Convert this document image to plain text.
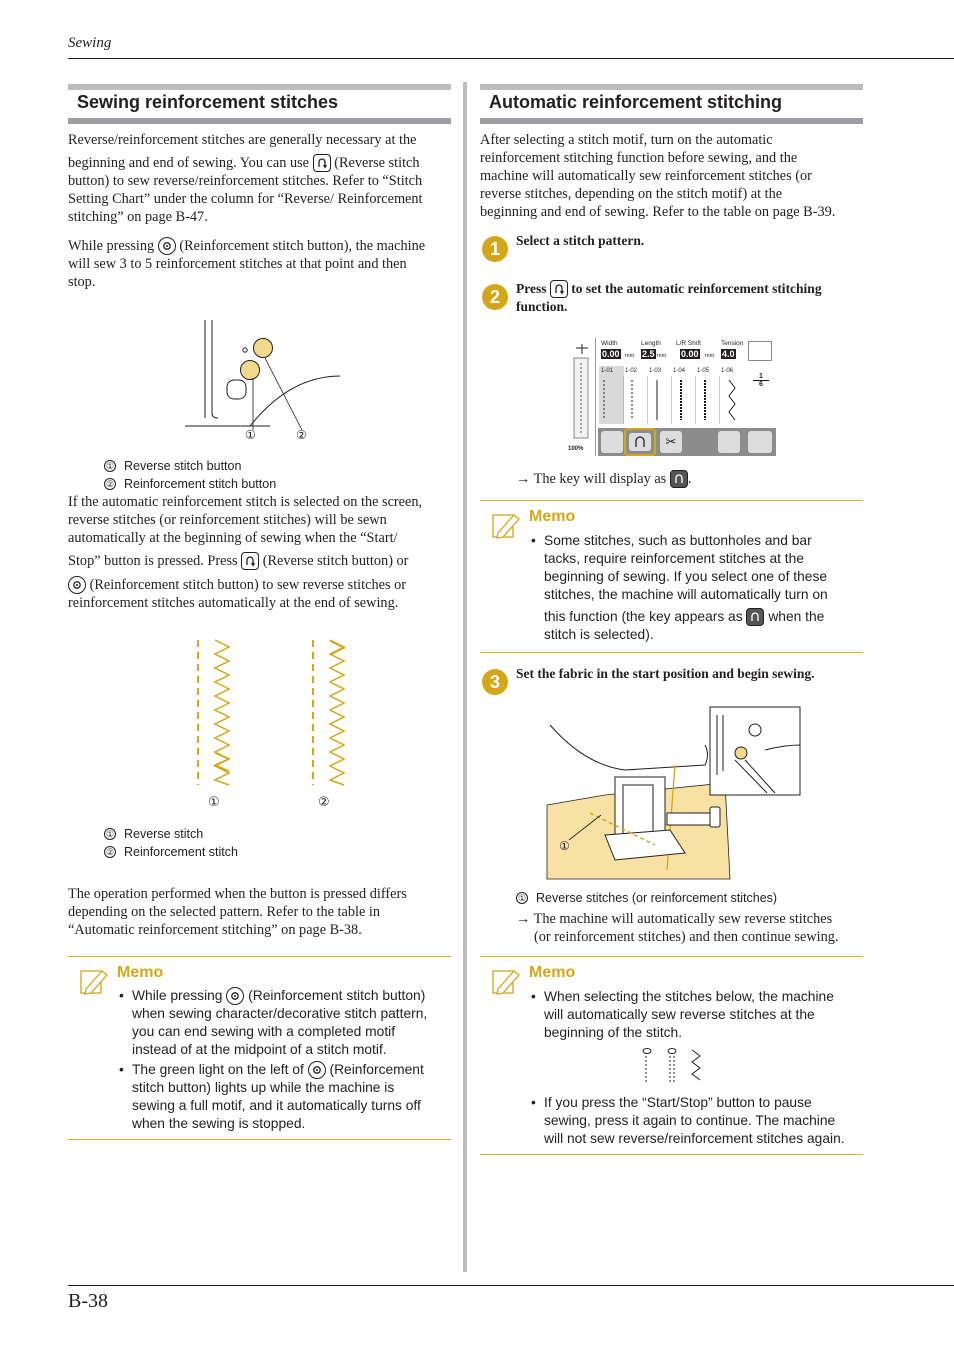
Sewing
Sewing reinforcement stitches
Reverse/reinforcement stitches are generally necessary at the
beginning and end of sewing. You can use (Reverse stitch
button) to sew reverse/reinforcement stitches. Refer to “Stitch
Setting Chart” under the column for “Reverse/ Reinforcement
stitching” on page B-47.
While pressing (Reinforcement stitch button), the machine
will sew 3 to 5 reinforcement stitches at that point and then
stop.
①	②
① Reverse stitch button
② Reinforcement stitch button
If the automatic reinforcement stitch is selected on the screen,
reverse stitches (or reinforcement stitches) will be sewn
automatically at the beginning of sewing when the “Start/
Stop” button is pressed. Press (Reverse stitch button) or
(Reinforcement stitch button) to sew reverse stitches or
reinforcement stitches automatically at the end of sewing.
①	②
① Reverse stitch
② Reinforcement stitch
The operation performed when the button is pressed differs
depending on the selected pattern. Refer to the table in
“Automatic reinforcement stitching” on page B-38.
Memo
• While pressing (Reinforcement stitch button)
when sewing character/decorative stitch pattern,
you can end sewing with a completed motif
instead of at the midpoint of a stitch motif.
• The green light on the left of (Reinforcement
stitch button) lights up while the machine is
sewing a full motif, and it automatically turns off
when the sewing is stopped.
Automatic reinforcement stitching
After selecting a stitch motif, turn on the automatic
reinforcement stitching function before sewing, and the
machine will automatically sew reinforcement stitches (or
reverse stitches, depending on the stitch motif) at the
beginning and end of sewing. Refer to the table on page B-39.
1	Select a stitch pattern.
2	Press to set the automatic reinforcement stitching
function.
100%
Width	Length L/R Shift	Tension
0.00 mm 2.5 mm 0.00 mm 4.0
1-01 1-02 1-03 1-04 1-05 1-06
1
6
✂
→ The key will display as .
Memo
• Some stitches, such as buttonholes and bar
tacks, require reinforcement stitches at the
beginning of sewing. If you select one of these
stitches, the machine will automatically turn on
this function (the key appears as when the
stitch is selected).
3	Set the fabric in the start position and begin sewing.
①
① Reverse stitches (or reinforcement stitches)
→ The machine will automatically sew reverse stitches
(or reinforcement stitches) and then continue sewing.
Memo
• When selecting the stitches below, the machine
will automatically sew reverse stitches at the
beginning of the stitch.
• If you press the “Start/Stop” button to pause
sewing, press it again to continue. The machine
will not sew reverse/reinforcement stitches again.
B-38
